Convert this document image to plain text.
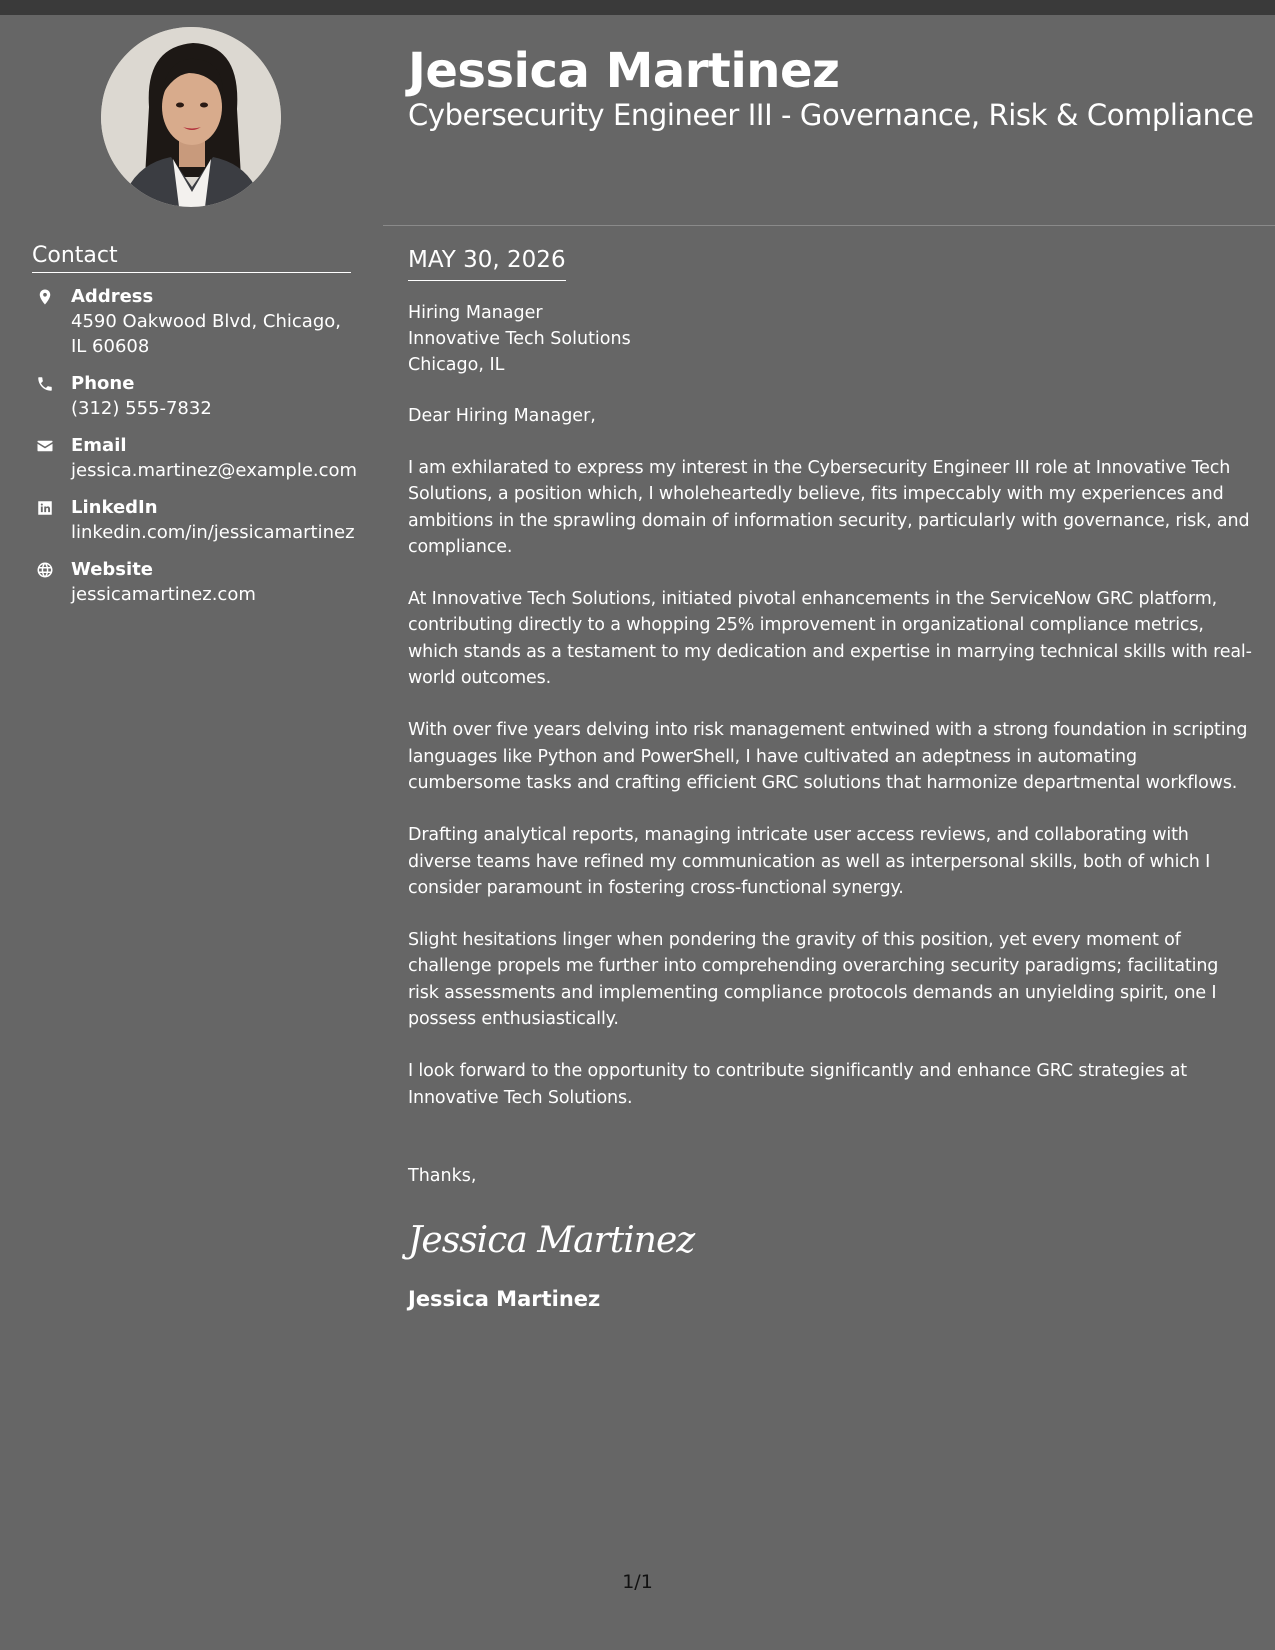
Contact
Address
4590 Oakwood Blvd, Chicago, IL 60608
Phone
(312) 555-7832
Email
jessica.martinez@example.com
LinkedIn
linkedin.com/in/jessicamartinez
Website
jessicamartinez.com
Jessica Martinez
Cybersecurity Engineer III - Governance, Risk & Compliance
MAY 30, 2026
Hiring Manager
Innovative Tech Solutions
Chicago, IL
Dear Hiring Manager,

I am exhilarated to express my interest in the Cybersecurity Engineer III role at Innovative Tech Solutions, a position which, I wholeheartedly believe, fits impeccably with my experiences and ambitions in the sprawling domain of information security, particularly with governance, risk, and compliance.

At Innovative Tech Solutions, initiated pivotal enhancements in the ServiceNow GRC platform, contributing directly to a whopping 25% improvement in organizational compliance metrics, which stands as a testament to my dedication and expertise in marrying technical skills with real-world outcomes.

With over five years delving into risk management entwined with a strong foundation in scripting languages like Python and PowerShell, I have cultivated an adeptness in automating cumbersome tasks and crafting efficient GRC solutions that harmonize departmental workflows.

Drafting analytical reports, managing intricate user access reviews, and collaborating with diverse teams have refined my communication as well as interpersonal skills, both of which I consider paramount in fostering cross-functional synergy.

Slight hesitations linger when pondering the gravity of this position, yet every moment of challenge propels me further into comprehending overarching security paradigms; facilitating risk assessments and implementing compliance protocols demands an unyielding spirit, one I possess enthusiastically.

I look forward to the opportunity to contribute significantly and enhance GRC strategies at Innovative Tech Solutions.

Thanks,
Jessica Martinez
Jessica Martinez
1/1
